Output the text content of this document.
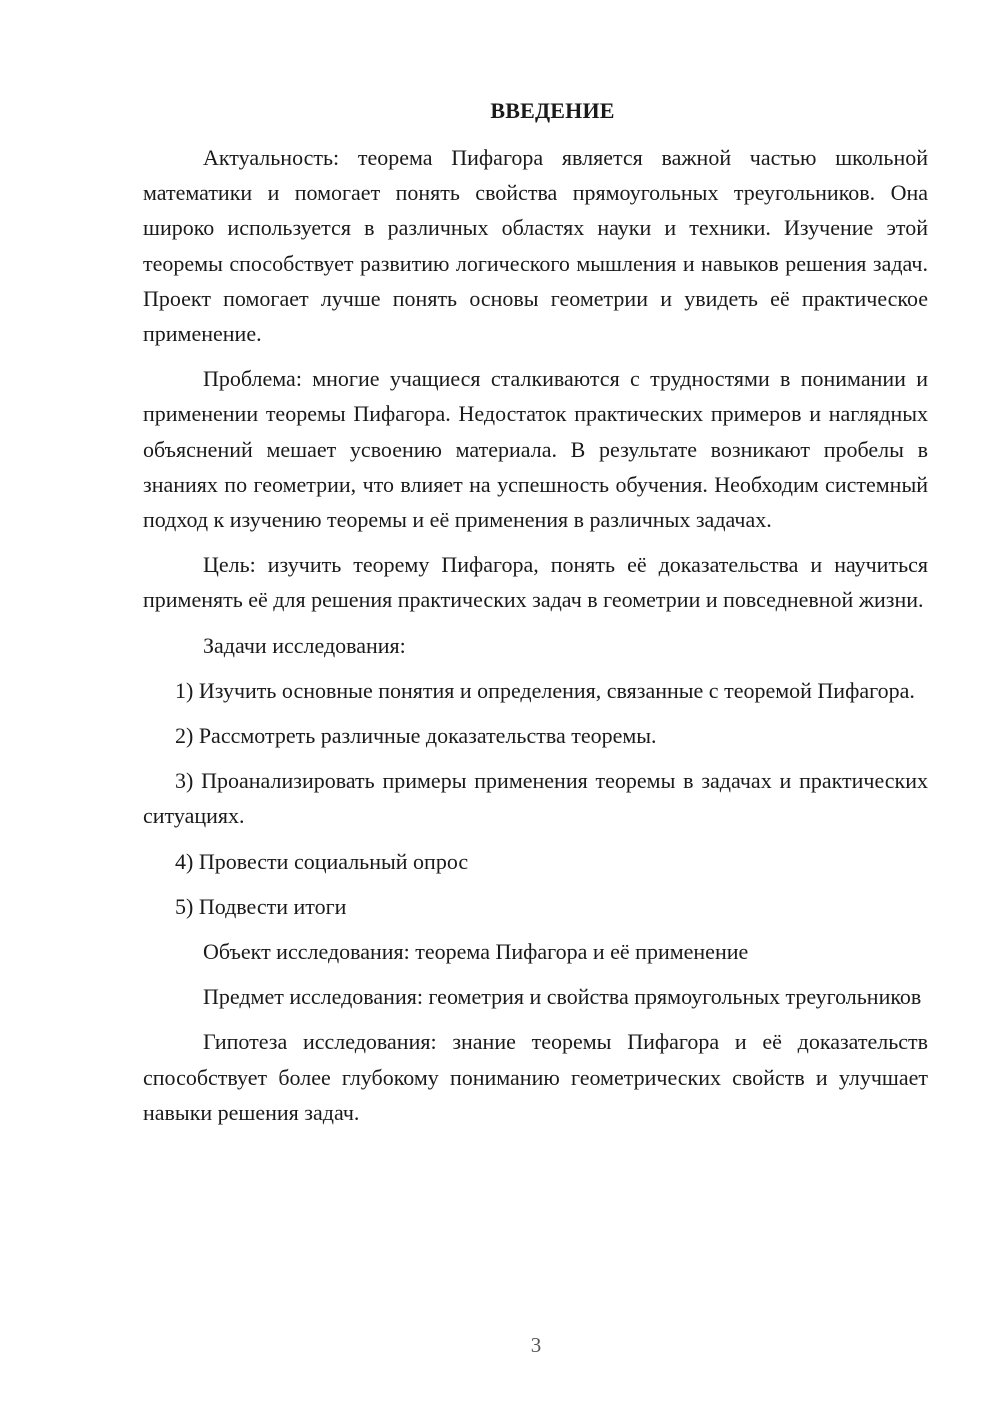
ВВЕДЕНИЕ

Актуальность: теорема Пифагора является важной частью школьной математики и помогает понять свойства прямоугольных треугольников. Она широко используется в различных областях науки и техники. Изучение этой теоремы способствует развитию логического мышления и навыков решения задач. Проект помогает лучше понять основы геометрии и увидеть её практическое применение.

Проблема: многие учащиеся сталкиваются с трудностями в понимании и применении теоремы Пифагора. Недостаток практических примеров и наглядных объяснений мешает усвоению материала. В результате возникают пробелы в знаниях по геометрии, что влияет на успешность обучения. Необходим системный подход к изучению теоремы и её применения в различных задачах.

Цель: изучить теорему Пифагора, понять её доказательства и научиться применять её для решения практических задач в геометрии и повседневной жизни.

Задачи исследования:

1) Изучить основные понятия и определения, связанные с теоремой Пифагора.

2) Рассмотреть различные доказательства теоремы.

3) Проанализировать примеры применения теоремы в задачах и практических ситуациях.

4) Провести социальный опрос

5) Подвести итоги

Объект исследования: теорема Пифагора и её применение

Предмет исследования: геометрия и свойства прямоугольных треугольников

Гипотеза исследования: знание теоремы Пифагора и её доказательств способствует более глубокому пониманию геометрических свойств и улучшает навыки решения задач.

3
